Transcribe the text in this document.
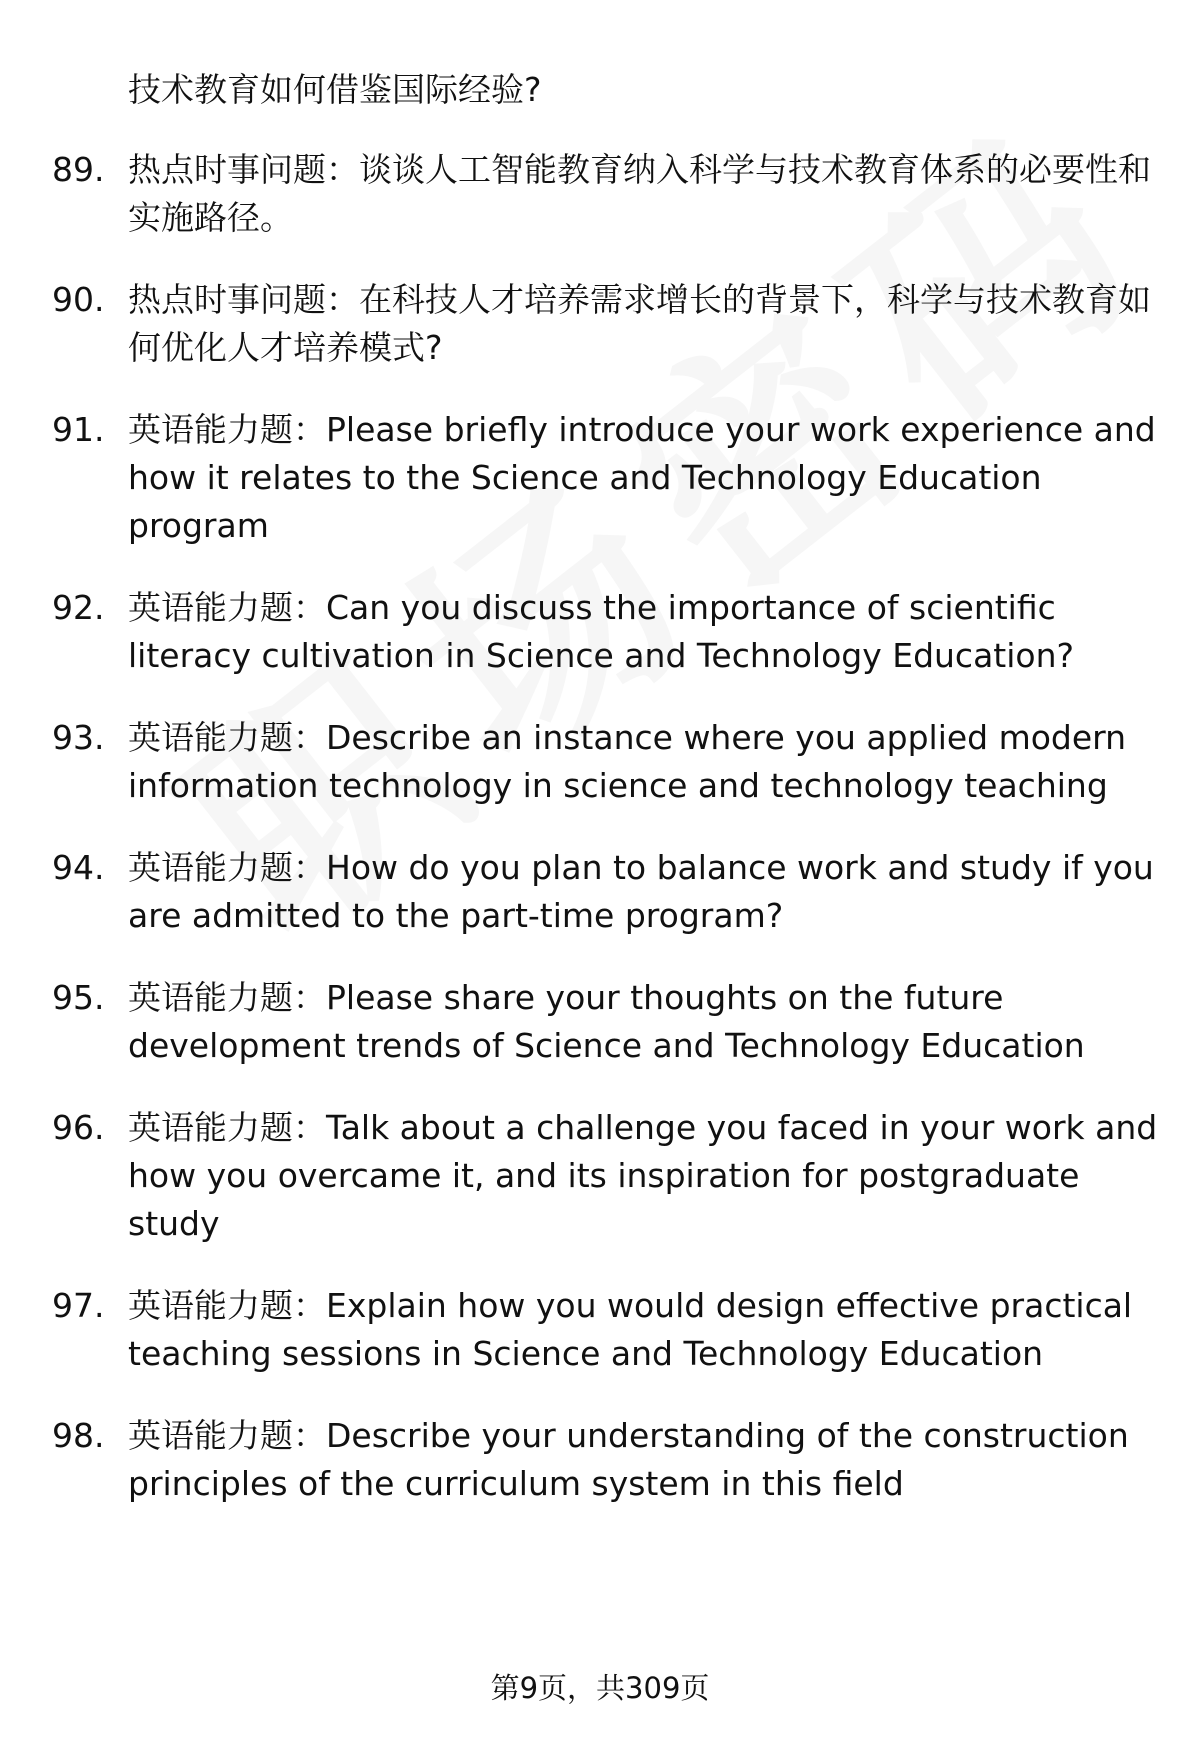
技术教育如何借鉴国际经验?
89. 热点时事问题：谈谈人工智能教育纳入科学与技术教育体系的必要性和实施路径。
90. 热点时事问题：在科技人才培养需求增长的背景下，科学与技术教育如何优化人才培养模式?
91. 英语能力题：Please briefly introduce your work experience and how it relates to the Science and Technology Education program
92. 英语能力题：Can you discuss the importance of scientific literacy cultivation in Science and Technology Education?
93. 英语能力题：Describe an instance where you applied modern information technology in science and technology teaching
94. 英语能力题：How do you plan to balance work and study if you are admitted to the part-time program?
95. 英语能力题：Please share your thoughts on the future development trends of Science and Technology Education
96. 英语能力题：Talk about a challenge you faced in your work and how you overcame it, and its inspiration for postgraduate study
97. 英语能力题：Explain how you would design effective practical teaching sessions in Science and Technology Education
98. 英语能力题：Describe your understanding of the construction principles of the curriculum system in this field
第9页，共309页
